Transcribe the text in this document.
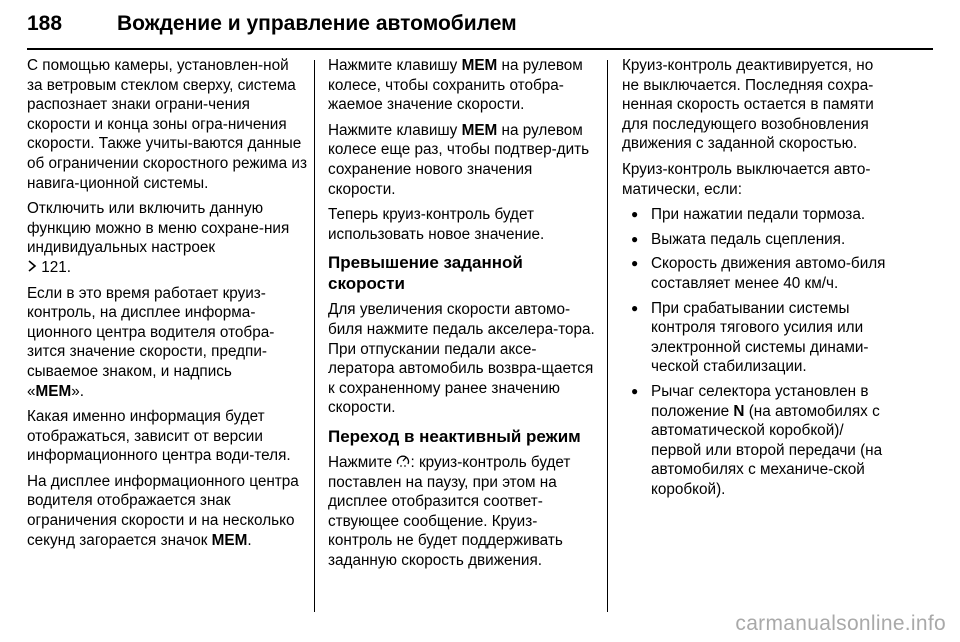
188	Вождение и управление автомобилем

С помощью камеры, установлен-ной за ветровым стеклом сверху, система распознает знаки ограни-чения скорости и конца зоны огра-ничения скорости. Также учиты-ваются данные об ограничении скоростного режима из навига-ционной системы.

Отключить или включить данную функцию можно в меню сохране-ния индивидуальных настроек
121.

Если в это время работает круиз-контроль, на дисплее информа-ционного центра водителя отобра-зится значение скорости, предпи-сываемое знаком, и надпись
«MEM».

Какая именно информация будет отображаться, зависит от версии информационного центра води-теля.

На дисплее информационного центра водителя отображается знак ограничения скорости и на несколько секунд загорается значок MEM.

Нажмите клавишу MEM на рулевом колесе, чтобы сохранить отобра-жаемое значение скорости.

Нажмите клавишу MEM на рулевом колесе еще раз, чтобы подтвер-дить сохранение нового значения скорости.

Теперь круиз-контроль будет использовать новое значение.

Превышение заданной скорости

Для увеличения скорости автомо-биля нажмите педаль акселера-тора. При отпускании педали аксе-лератора автомобиль возвра-щается к сохраненному ранее значению скорости.

Переход в неактивный режим

Нажмите : круиз-контроль будет поставлен на паузу, при этом на дисплее отобразится соответ-ствующее сообщение. Круиз-контроль не будет поддерживать заданную скорость движения.

Круиз-контроль деактивируется, но не выключается. Последняя сохра-ненная скорость остается в памяти для последующего возобновления движения с заданной скоростью.

Круиз-контроль выключается авто-матически, если:

● При нажатии педали тормоза.
● Выжата педаль сцепления.
● Скорость движения автомо-биля составляет менее 40 км/ч.
● При срабатывании системы контроля тягового усилия или электронной системы динами-ческой стабилизации.
● Рычаг селектора установлен в положение N (на автомобилях с автоматической коробкой)/ первой или второй передачи (на автомобилях с механиче-ской коробкой).
carmanualsonline.info
